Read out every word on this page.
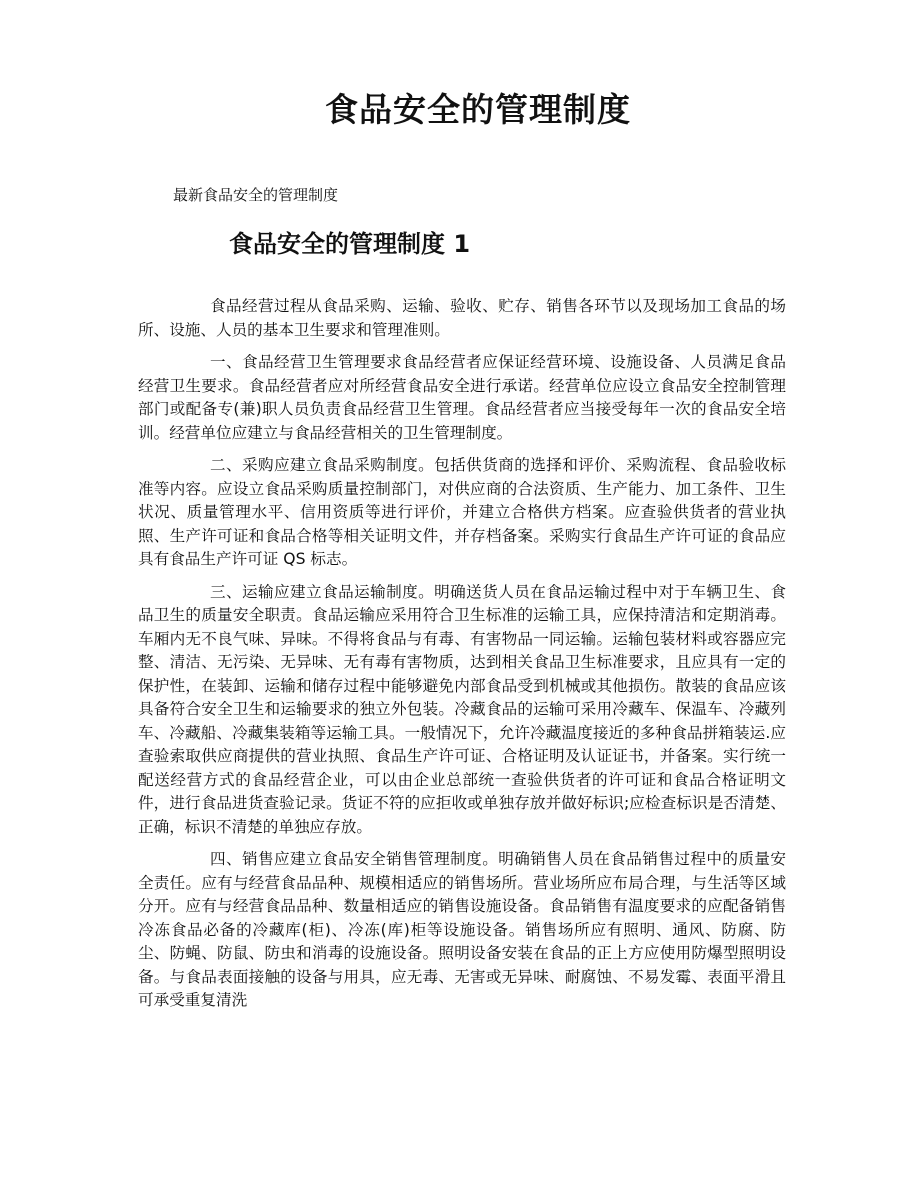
食品安全的管理制度

最新食品安全的管理制度

食品安全的管理制度 1

食品经营过程从食品采购、运输、验收、贮存、销售各环节以及现场加工食品的场所、设施、人员的基本卫生要求和管理准则。

一、食品经营卫生管理要求食品经营者应保证经营环境、设施设备、人员满足食品经营卫生要求。食品经营者应对所经营食品安全进行承诺。经营单位应设立食品安全控制管理部门或配备专(兼)职人员负责食品经营卫生管理。食品经营者应当接受每年一次的食品安全培训。经营单位应建立与食品经营相关的卫生管理制度。

二、采购应建立食品采购制度。包括供货商的选择和评价、采购流程、食品验收标准等内容。应设立食品采购质量控制部门，对供应商的合法资质、生产能力、加工条件、卫生状况、质量管理水平、信用资质等进行评价，并建立合格供方档案。应查验供货者的营业执照、生产许可证和食品合格等相关证明文件，并存档备案。采购实行食品生产许可证的食品应具有食品生产许可证 QS 标志。

三、运输应建立食品运输制度。明确送货人员在食品运输过程中对于车辆卫生、食品卫生的质量安全职责。食品运输应采用符合卫生标准的运输工具，应保持清洁和定期消毒。车厢内无不良气味、异味。不得将食品与有毒、有害物品一同运输。运输包装材料或容器应完整、清洁、无污染、无异味、无有毒有害物质，达到相关食品卫生标准要求，且应具有一定的保护性，在装卸、运输和储存过程中能够避免内部食品受到机械或其他损伤。散装的食品应该具备符合安全卫生和运输要求的独立外包装。冷藏食品的运输可采用冷藏车、保温车、冷藏列车、冷藏船、冷藏集装箱等运输工具。一般情况下，允许冷藏温度接近的多种食品拼箱装运.应查验索取供应商提供的营业执照、食品生产许可证、合格证明及认证证书，并备案。实行统一配送经营方式的食品经营企业，可以由企业总部统一查验供货者的许可证和食品合格证明文件，进行食品进货查验记录。货证不符的应拒收或单独存放并做好标识;应检查标识是否清楚、正确，标识不清楚的单独应存放。

四、销售应建立食品安全销售管理制度。明确销售人员在食品销售过程中的质量安全责任。应有与经营食品品种、规模相适应的销售场所。营业场所应布局合理，与生活等区域分开。应有与经营食品品种、数量相适应的销售设施设备。食品销售有温度要求的应配备销售冷冻食品必备的冷藏库(柜)、冷冻(库)柜等设施设备。销售场所应有照明、通风、防腐、防尘、防蝇、防鼠、防虫和消毒的设施设备。照明设备安装在食品的正上方应使用防爆型照明设备。与食品表面接触的设备与用具，应无毒、无害或无异味、耐腐蚀、不易发霉、表面平滑且可承受重复清洗
